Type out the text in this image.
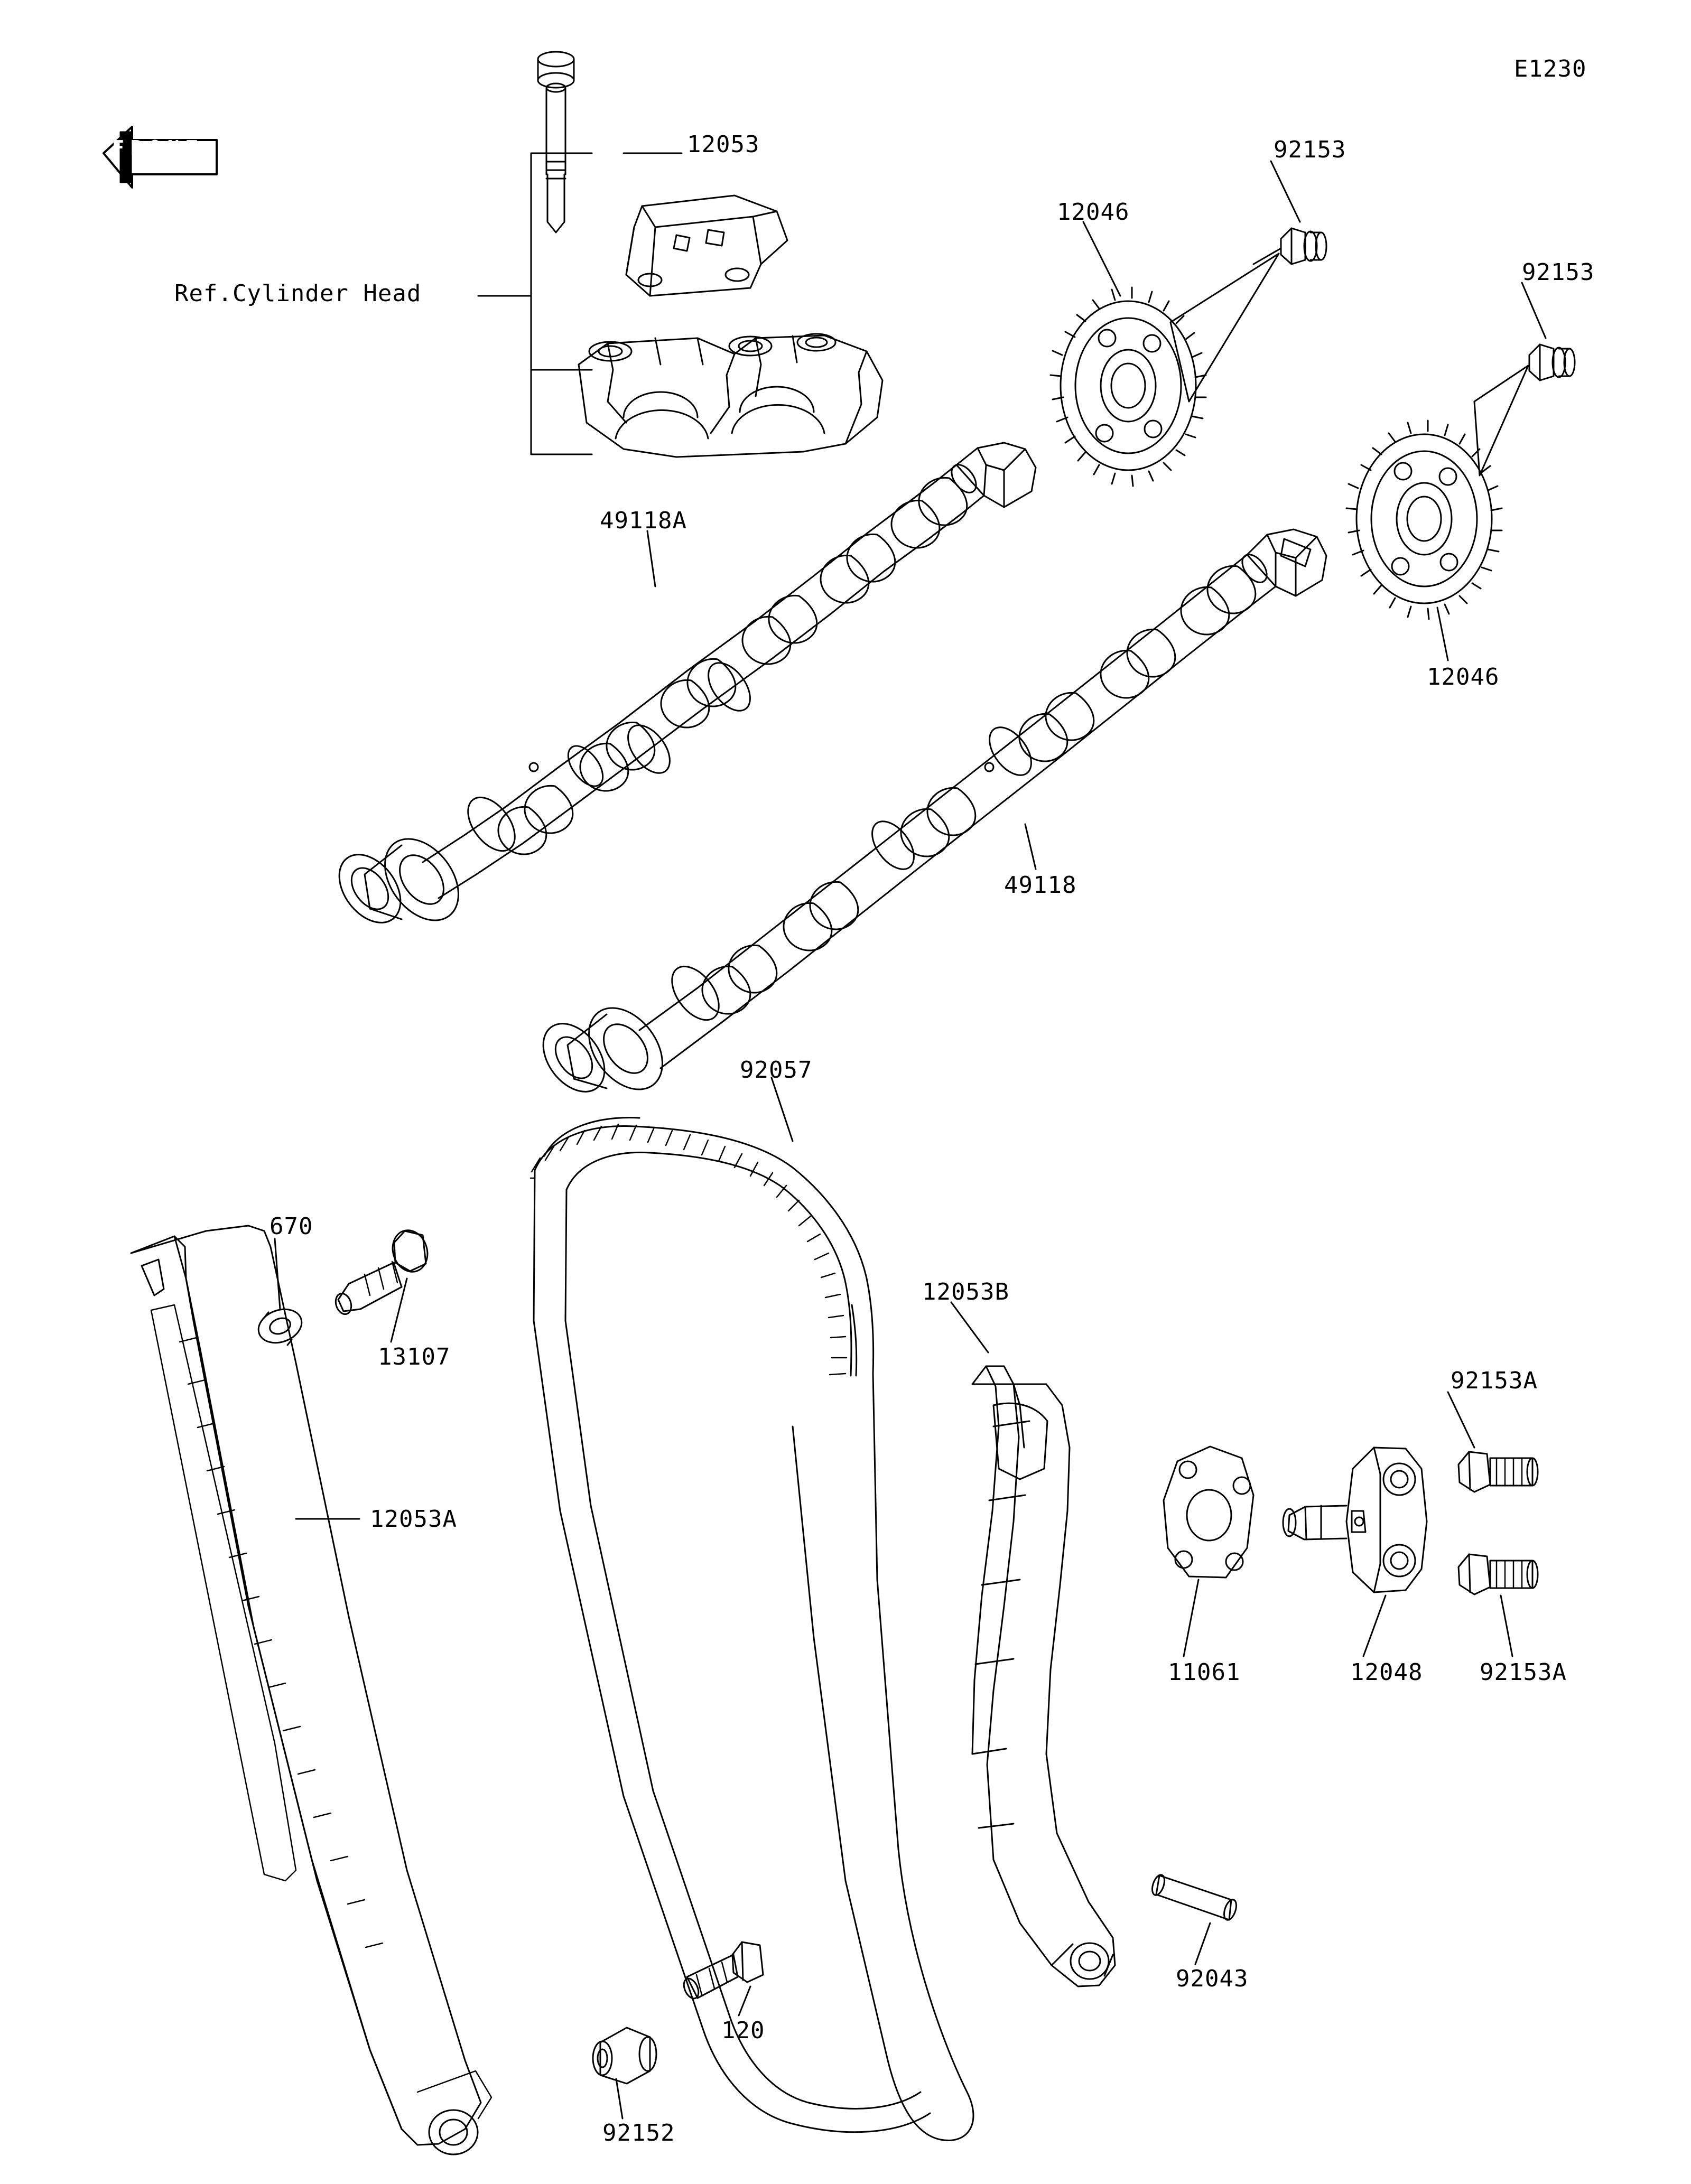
E1230
FRONT
Ref.Cylinder Head
12053	92153
12046
92153
49118A
12046
49118
92057
670
13107
12053B
92153A
12053A
11061	12048 92153A
92043
120
92152
